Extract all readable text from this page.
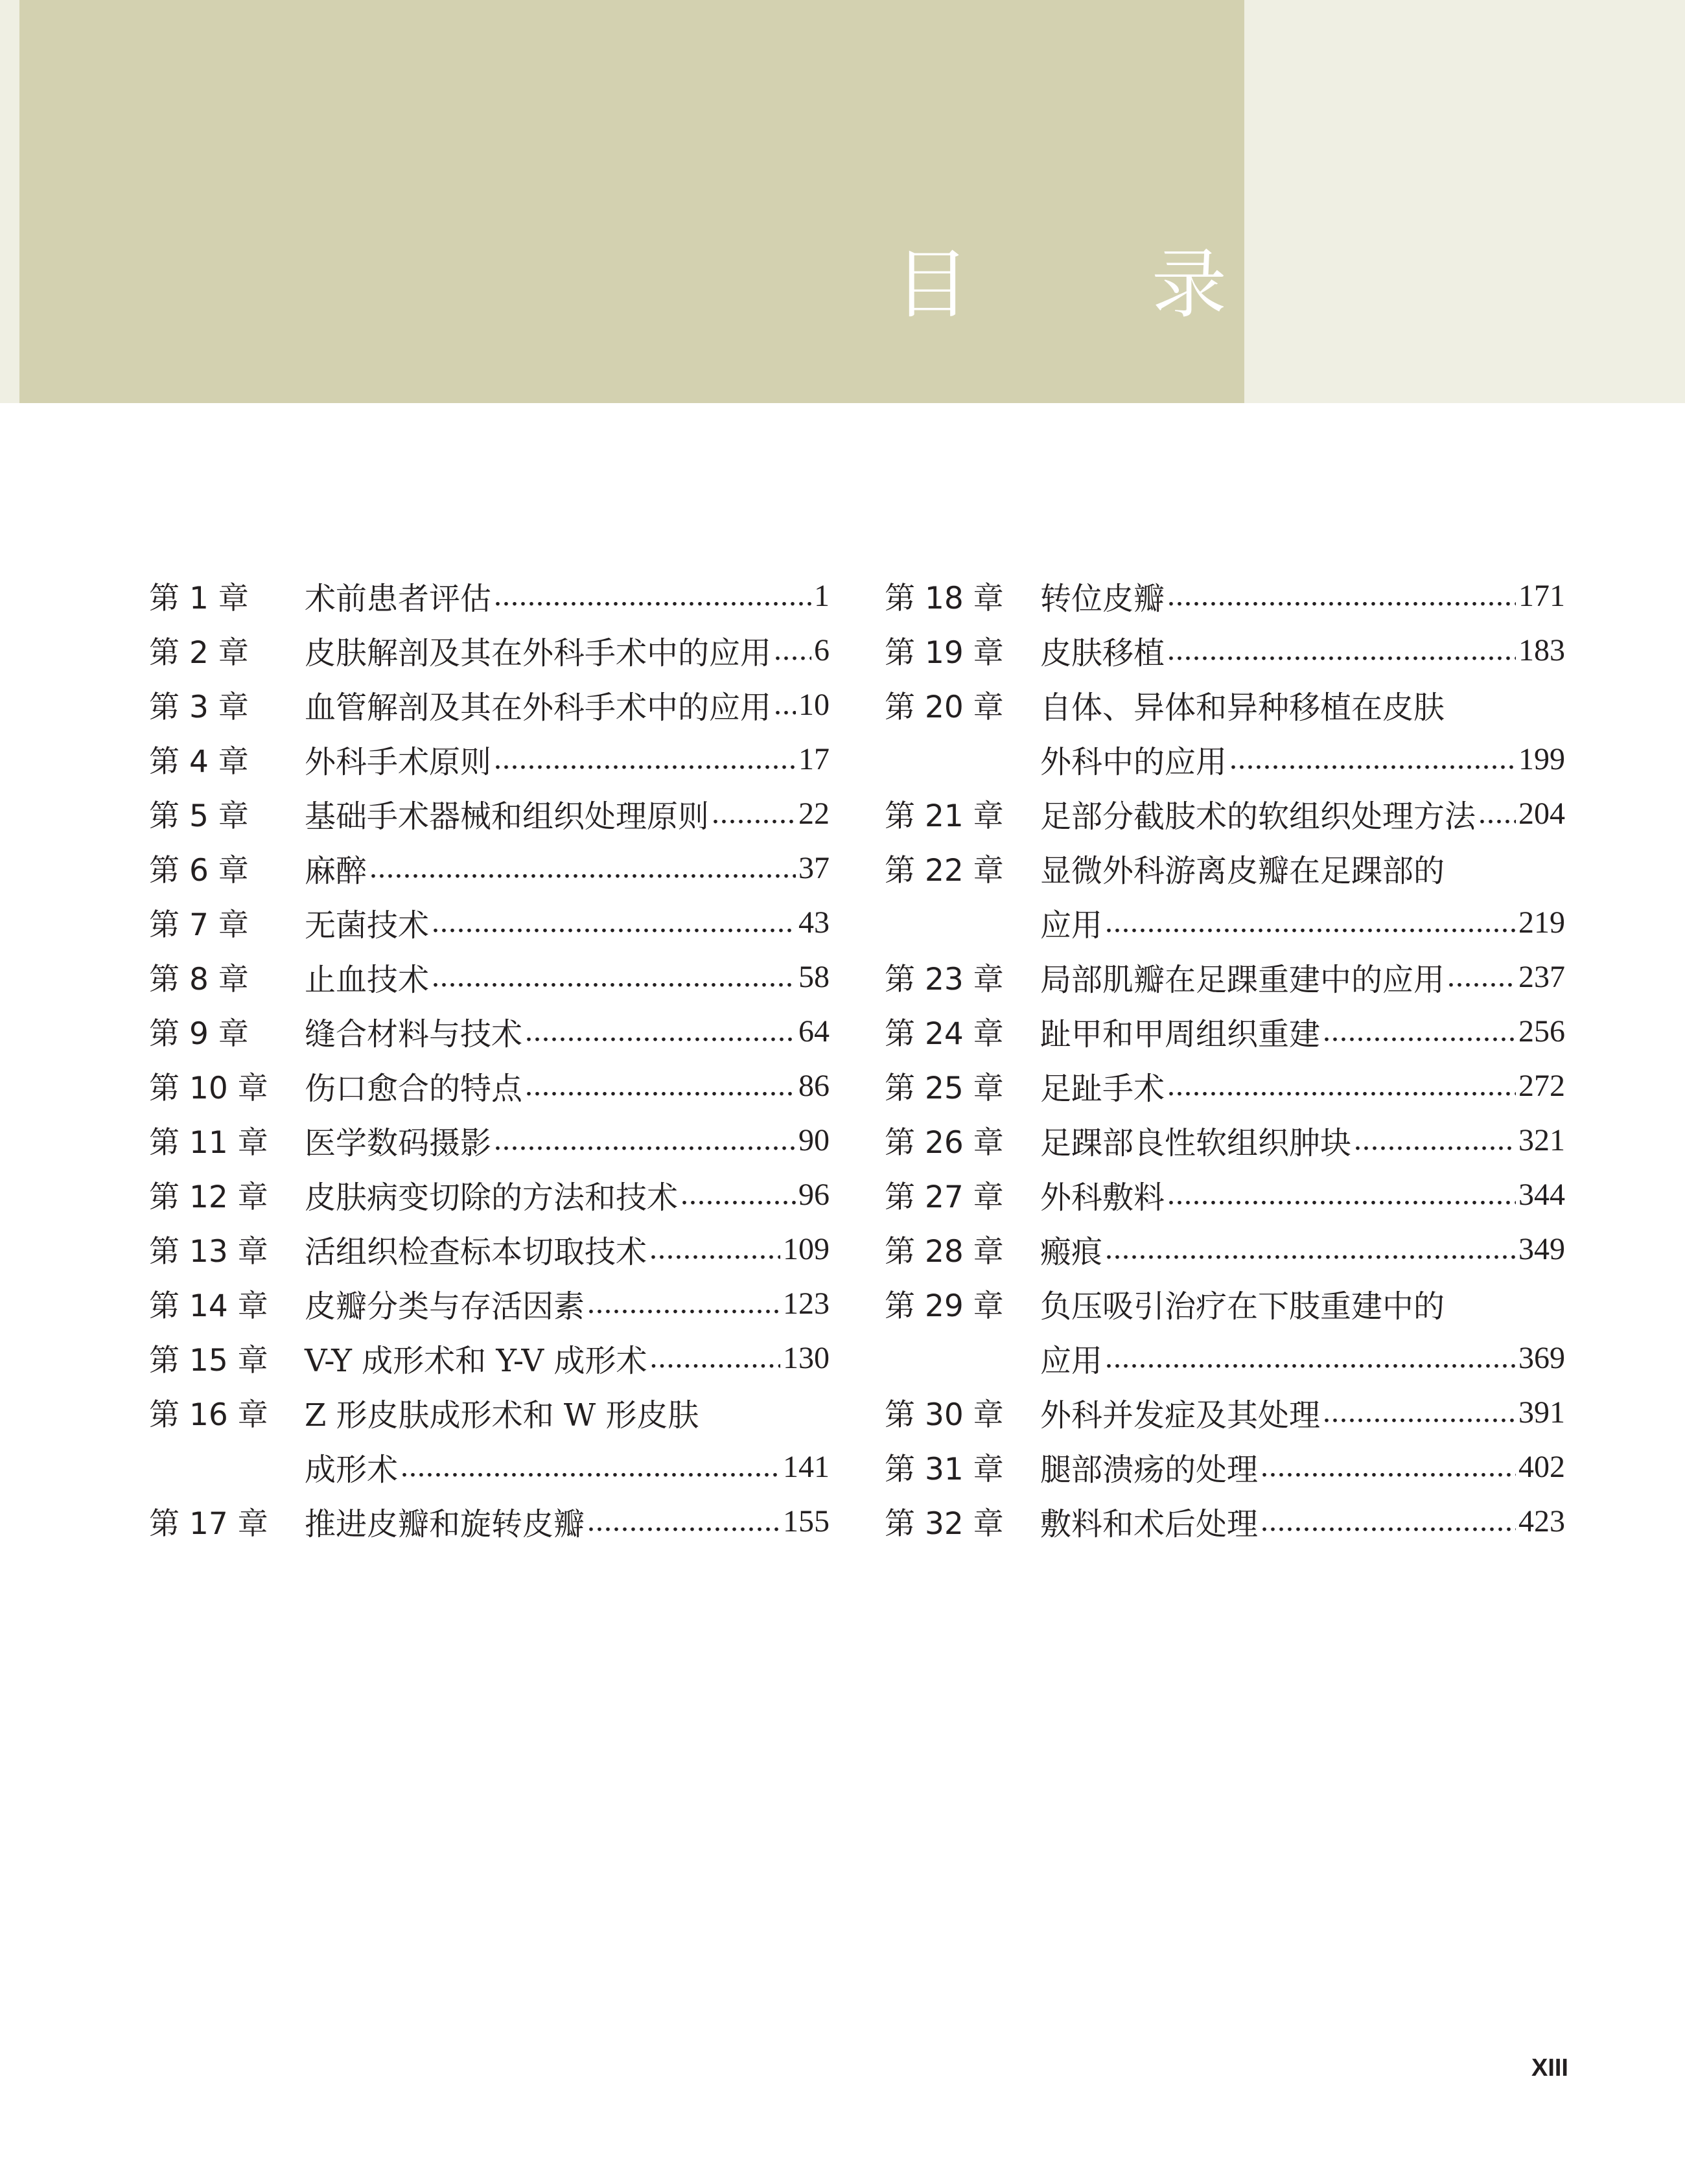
目 录
第 1 章	术前患者评估 .....	1
第 2 章	皮肤解剖及其在外科手术中的应用 ..... 6
第 3 章	血管解剖及其在外科手术中的应用 ..... 10
第 4 章	外科手术原则 .....	17
第 5 章	基础手术器械和组织处理原则 .....	22
第 6 章	麻醉 .....	37
第 7 章	无菌技术 .....	43
第 8 章	止血技术 .....	58
第 9 章	缝合材料与技术 .....	64
第 10 章	伤口愈合的特点 .....	86
第 11 章	医学数码摄影 .....	90
第 12 章	皮肤病变切除的方法和技术 .....	96
第 13 章	活组织检查标本切取技术 .....	109
第 14 章	皮瓣分类与存活因素 .....	123
第 15 章	V-Y 成形术和 Y-V 成形术 .....	130
第 16 章	Z 形皮肤成形术和 W 形皮肤
成形术 .....	141
第 17 章	推进皮瓣和旋转皮瓣 .....	155
第 18 章	转位皮瓣 .....	171
第 19 章	皮肤移植 .....	183
第 20 章	自体、异体和异种移植在皮肤
外科中的应用 .....	199
第 21 章	足部分截肢术的软组织处理方法 ..... 204
第 22 章	显微外科游离皮瓣在足踝部的
应用 .....	219
第 23 章	局部肌瓣在足踝重建中的应用 ..... 237
第 24 章	趾甲和甲周组织重建 .....	256
第 25 章	足趾手术 .....	272
第 26 章	足踝部良性软组织肿块 .....	321
第 27 章	外科敷料 .....	344
第 28 章	瘢痕 .....	349
第 29 章	负压吸引治疗在下肢重建中的
应用 .....	369
第 30 章	外科并发症及其处理 .....	391
第 31 章	腿部溃疡的处理 .....	402
第 32 章	敷料和术后处理 .....	423
XIII
